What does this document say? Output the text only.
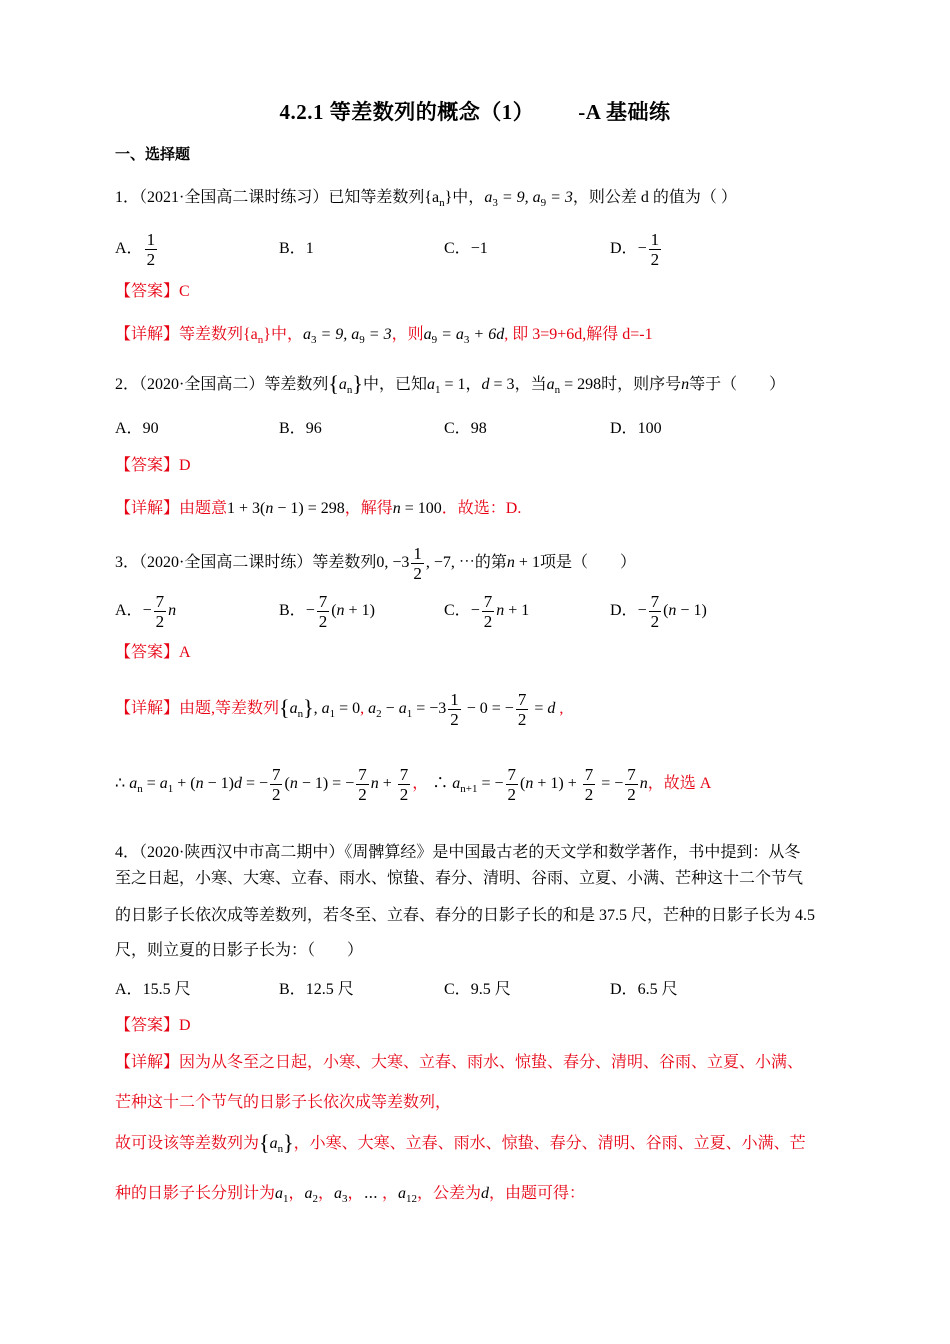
4.2.1 等差数列的概念（1） -A 基础练
一、选择题
1．（2021·全国高二课时练习）已知等差数列$\{a_n\}$中，$a_3 = 9$, $a_9 = 3$，则公差 d 的值为（ ）
A． $\frac{1}{2}$	B．1	C．−1	D．− $\frac{1}{2}$
【答案】C
【详解】等差数列$\{a_n\}$中，$a_3 = 9$, $a_9 = 3$，则$a_9 = a_3 + 6d$, 即 3=9+6d,解得 d=-1
2．（2020·全国高二）等差数列$\{a_n\}$中，已知$a_1 = 1$，d = 3，当$a_n = 298$时，则序号n等于（　　）
A．90	B．96	C．98	D．100
【答案】D
【详解】由题意1 + 3(n − 1) = 298，解得n = 100．故选：D.
3．（2020·全国高二课时练）等差数列0, $-3 \frac{1}{2}$ , −7, ⋯的第n + 1项是（　　）
A．− $\frac{7}{2}$ n	B．− $\frac{7}{2} (n + 1)$	C．− $\frac{7}{2}$ n + 1	D．− $\frac{7}{2} (n - 1)$
【答案】A
【详解】由题,等差数列$\{a_n\}$, $a_1 = 0$, $a_2 - a_1 = -3 \frac{1}{2} - 0$ = − $\frac{7}{2} = d$ ,
∴ $a_n = a_1 + (n - 1)d$ = − $\frac{7}{2} (n - 1)$ = − $\frac{7}{2}$ $n + \frac{7}{2}$ ， ∴ $a_{n+1}$ = − $\frac{7}{2} (n + 1) + \frac{7}{2}$ = − $\frac{7}{2}$ n，故选 A
4．（2020·陕西汉中市高二期中）《周髀算经》是中国最古老的天文学和数学著作，书中提到：从冬
至之日起，小寒、大寒、立春、雨水、惊蛰、春分、清明、谷雨、立夏、小满、芒种这十二个节气
的日影子长依次成等差数列，若冬至、立春、春分的日影子长的和是 37.5 尺，芒种的日影子长为 4.5
尺，则立夏的日影子长为：（　　）
A．15.5 尺	B．12.5 尺	C．9.5 尺	D．6.5 尺
【答案】D
【详解】因为从冬至之日起，小寒、大寒、立春、雨水、惊蛰、春分、清明、谷雨、立夏、小满、
芒种这十二个节气的日影子长依次成等差数列，
故可设该等差数列为$\{a_n\}$，小寒、大寒、立春、雨水、惊蛰、春分、清明、谷雨、立夏、小满、芒
种的日影子长分别计为$a_1$，$a_2$，$a_3$，⋯ ，$a_{12}$，公差为d，由题可得：
